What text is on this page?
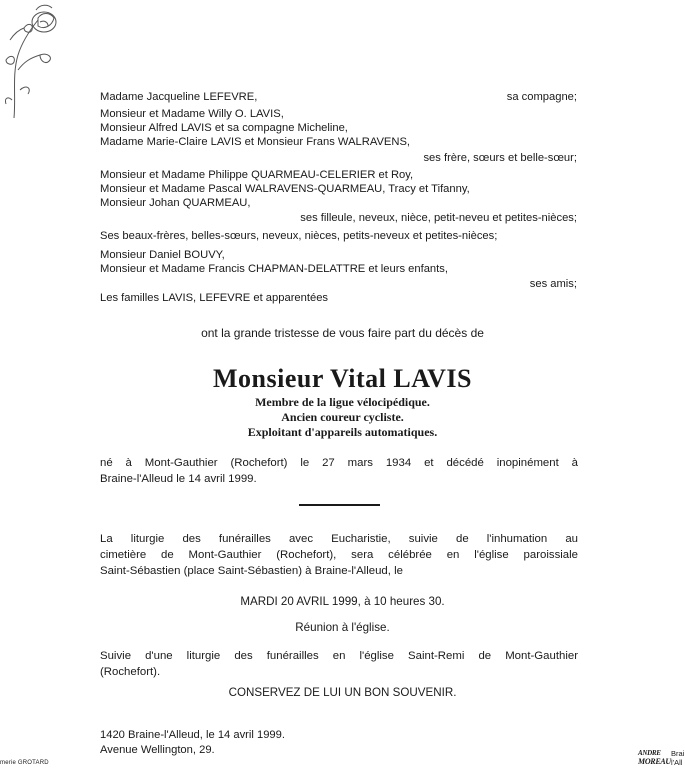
Madame Jacqueline LEFEVRE,	sa compagne;
Monsieur et Madame Willy O. LAVIS,
Monsieur Alfred LAVIS et sa compagne Micheline,
Madame Marie-Claire LAVIS et Monsieur Frans WALRAVENS,
ses frère, sœurs et belle-sœur;
Monsieur et Madame Philippe QUARMEAU-CELERIER et Roy,
Monsieur et Madame Pascal WALRAVENS-QUARMEAU, Tracy et Tifanny,
Monsieur Johan QUARMEAU,
ses filleule, neveux, nièce, petit-neveu et petites-nièces;
Ses beaux-frères, belles-sœurs, neveux, nièces, petits-neveux et petites-nièces;
Monsieur Daniel BOUVY,
Monsieur et Madame Francis CHAPMAN-DELATTRE et leurs enfants,
ses amis;
Les familles LAVIS, LEFEVRE et apparentées
ont la grande tristesse de vous faire part du décès de
Monsieur Vital LAVIS
Membre de la ligue vélocipédique.
Ancien coureur cycliste.
Exploitant d'appareils automatiques.
né à Mont-Gauthier (Rochefort) le 27 mars 1934 et décédé inopinément à
Braine-l'Alleud le 14 avril 1999.
La liturgie des funérailles avec Eucharistie, suivie de l'inhumation au
cimetière de Mont-Gauthier (Rochefort), sera célébrée en l'église paroissiale
Saint-Sébastien (place Saint-Sébastien) à Braine-l'Alleud, le
MARDI 20 AVRIL 1999, à 10 heures 30.
Réunion à l'église.
Suivie d'une liturgie des funérailles en l'église Saint-Remi de Mont-Gauthier
(Rochefort).
CONSERVEZ DE LUI UN BON SOUVENIR.
1420 Braine-l'Alleud, le 14 avril 1999.
Avenue Wellington, 29.
merie GROTARD
ANDRE
MOREAU
Brai
l'All
